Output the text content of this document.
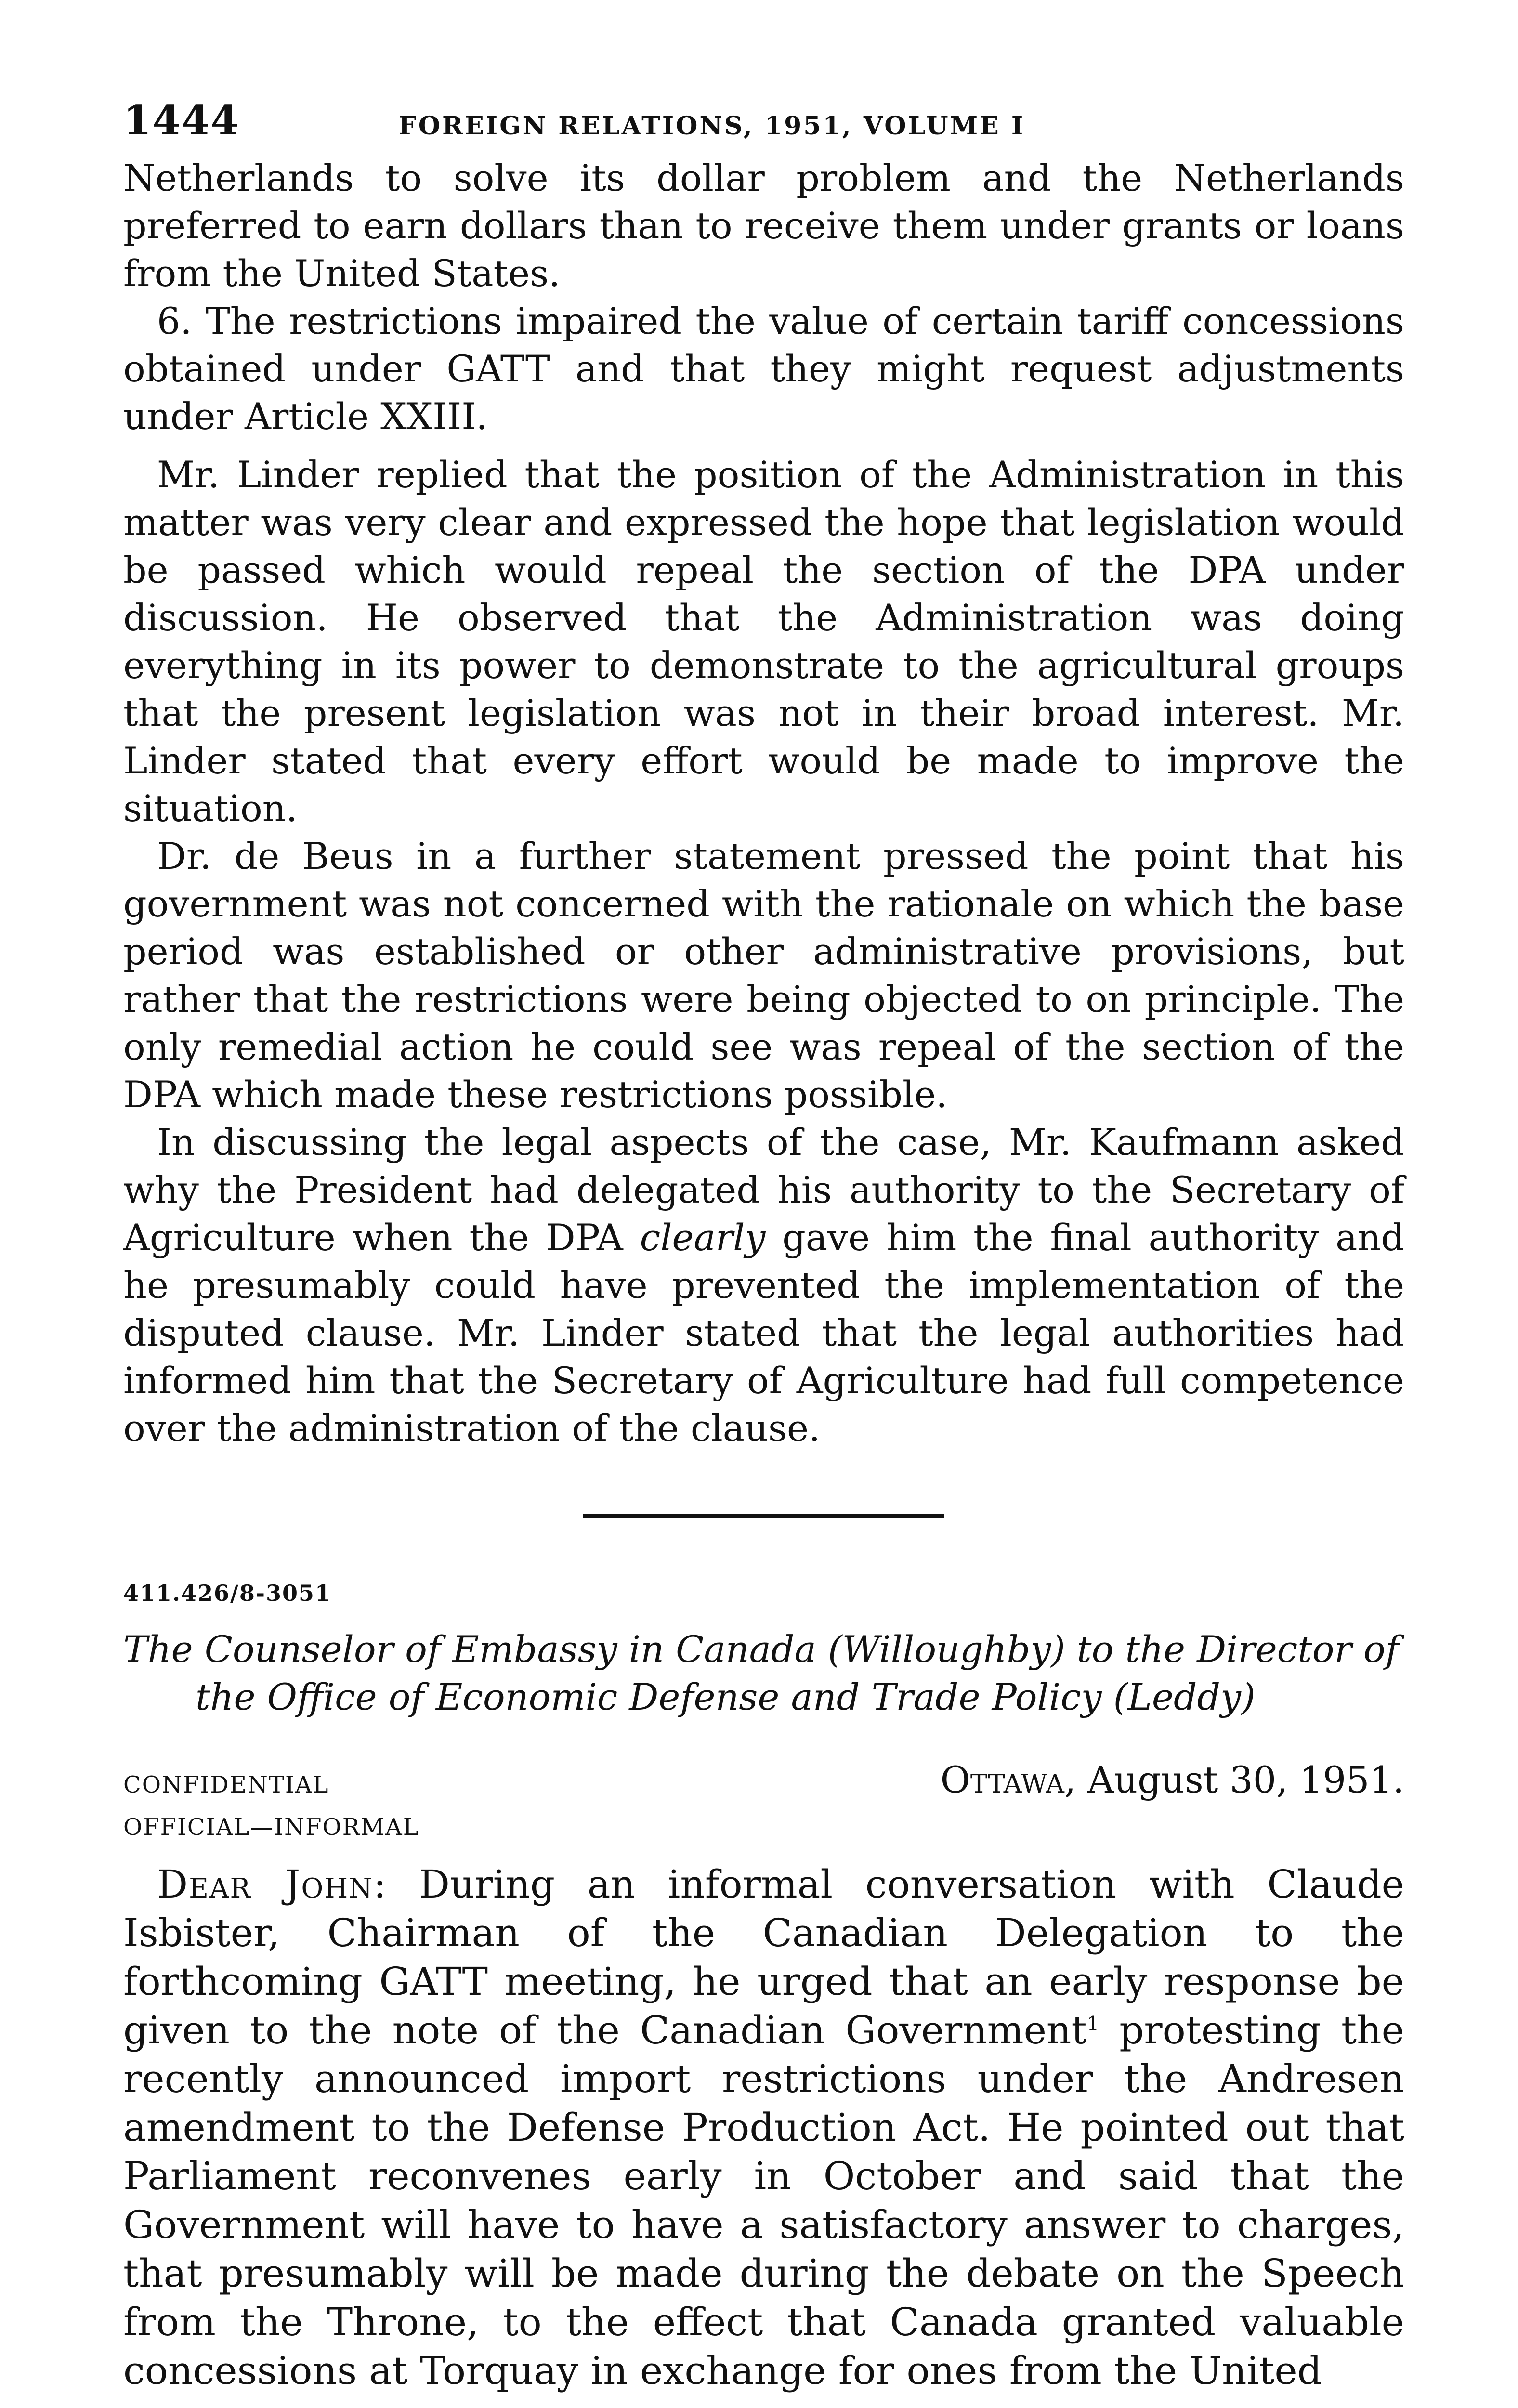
1444	FOREIGN RELATIONS, 1951, VOLUME I

Netherlands to solve its dollar problem and the Netherlands preferred to earn dollars than to receive them under grants or loans from the United States.

6. The restrictions impaired the value of certain tariff concessions obtained under GATT and that they might request adjustments under Article XXIII.

Mr. Linder replied that the position of the Administration in this matter was very clear and expressed the hope that legislation would be passed which would repeal the section of the DPA under discussion. He observed that the Administration was doing everything in its power to demonstrate to the agricultural groups that the present legislation was not in their broad interest. Mr. Linder stated that every effort would be made to improve the situation.

Dr. de Beus in a further statement pressed the point that his government was not concerned with the rationale on which the base period was established or other administrative provisions, but rather that the restrictions were being objected to on principle. The only remedial action he could see was repeal of the section of the DPA which made these restrictions possible.

In discussing the legal aspects of the case, Mr. Kaufmann asked why the President had delegated his authority to the Secretary of Agriculture when the DPA clearly gave him the final authority and he presumably could have prevented the implementation of the disputed clause. Mr. Linder stated that the legal authorities had informed him that the Secretary of Agriculture had full competence over the administration of the clause.

411.426/8-3051
The Counselor of Embassy in Canada (Willoughby) to the Director of the Office of Economic Defense and Trade Policy (Leddy)
CONFIDENTIAL	Ottawa, August 30, 1951.
OFFICIAL—INFORMAL

Dear John: During an informal conversation with Claude Isbister, Chairman of the Canadian Delegation to the forthcoming GATT meeting, he urged that an early response be given to the note of the Canadian Government$^1$ protesting the recently announced import restrictions under the Andresen amendment to the Defense Production Act. He pointed out that Parliament reconvenes early in October and said that the Government will have to have a satisfactory answer to charges, that presumably will be made during the debate on the Speech from the Throne, to the effect that Canada granted valuable concessions at Torquay in exchange for ones from the United
